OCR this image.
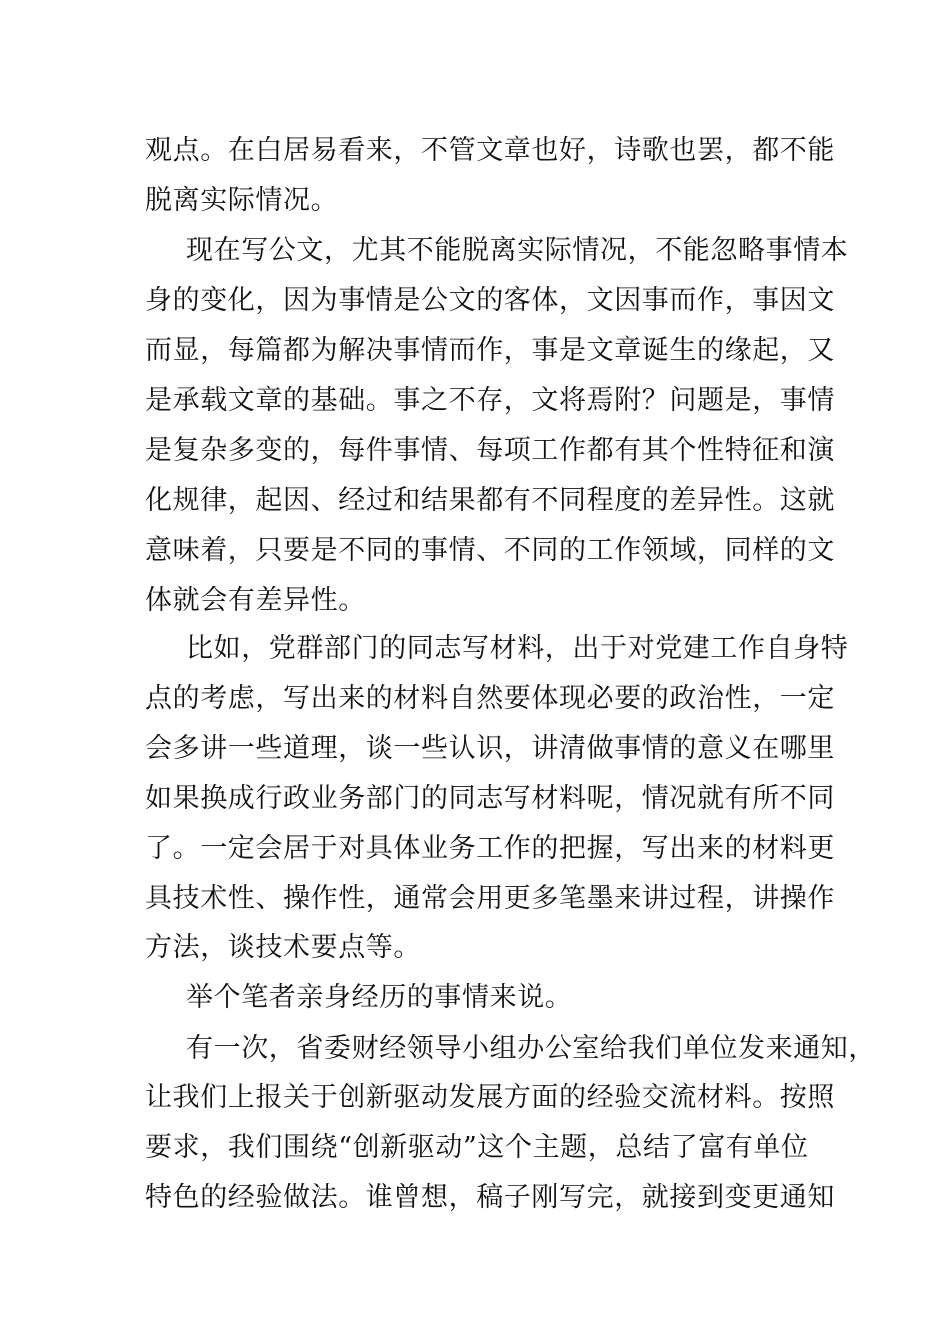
观点。在白居易看来，不管文章也好，诗歌也罢，都不能

脱离实际情况。

现在写公文，尤其不能脱离实际情况，不能忽略事情本

身的变化，因为事情是公文的客体，文因事而作，事因文

而显，每篇都为解决事情而作，事是文章诞生的缘起，又

是承载文章的基础。事之不存，文将焉附？问题是，事情

是复杂多变的，每件事情、每项工作都有其个性特征和演

化规律，起因、经过和结果都有不同程度的差异性。这就

意味着，只要是不同的事情、不同的工作领域，同样的文

体就会有差异性。

比如，党群部门的同志写材料，出于对党建工作自身特

点的考虑，写出来的材料自然要体现必要的政治性，一定

会多讲一些道理，谈一些认识，讲清做事情的意义在哪里

如果换成行政业务部门的同志写材料呢，情况就有所不同

了。一定会居于对具体业务工作的把握，写出来的材料更

具技术性、操作性，通常会用更多笔墨来讲过程，讲操作

方法，谈技术要点等。

举个笔者亲身经历的事情来说。

有一次，省委财经领导小组办公室给我们单位发来通知，

让我们上报关于创新驱动发展方面的经验交流材料。按照

要求，我们围绕“创新驱动”这个主题，总结了富有单位

特色的经验做法。谁曾想，稿子刚写完，就接到变更通知
